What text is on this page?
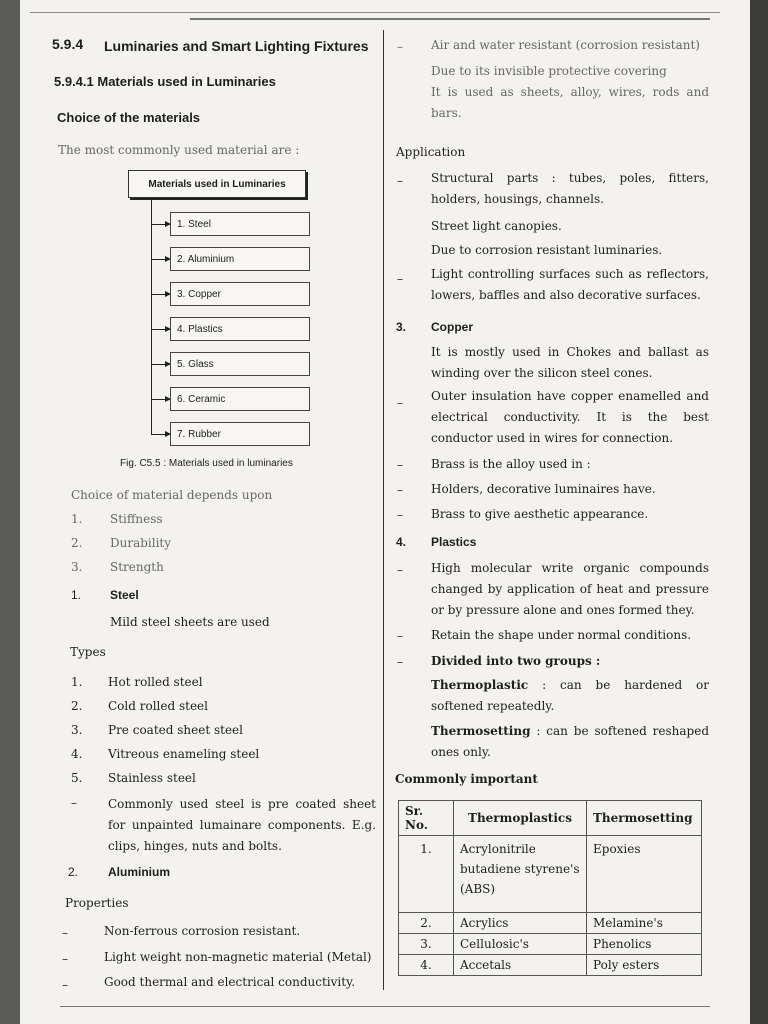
5.9.4 Luminaries and Smart Lighting Fixtures
5.9.4.1 Materials used in Luminaries
Choice of the materials
The most commonly used material are :
Materials used in Luminaries
1. Steel
2. Aluminium
3. Copper
4. Plastics
5. Glass
6. Ceramic
7. Rubber
Fig. C5.5 : Materials used in luminaries
Choice of material depends upon
1. Stiffness
2. Durability
3. Strength
1. Steel
Mild steel sheets are used
Types
1. Hot rolled steel
2. Cold rolled steel
3. Pre coated sheet steel
4. Vitreous enameling steel
5. Stainless steel
–	Commonly used steel is pre coated sheet for unpainted lumainare components. E.g. clips, hinges, nuts and bolts.
2. Aluminium
Properties
–	Non-ferrous corrosion resistant.
–	Light weight non-magnetic material (Metal)
–	Good thermal and electrical conductivity.
– Air and water resistant (corrosion resistant)
Due to its invisible protective covering
It is used as sheets, alloy, wires, rods and bars.
Application
– Structural parts : tubes, poles, fitters, holders, housings, channels.
Street light canopies.
Due to corrosion resistant luminaries.
– Light controlling surfaces such as reflectors, lowers, baffles and also decorative surfaces.
3. Copper
It is mostly used in Chokes and ballast as winding over the silicon steel cones.
– Outer insulation have copper enamelled and electrical conductivity. It is the best conductor used in wires for connection.
– Brass is the alloy used in :
– Holders, decorative luminaires have.
– Brass to give aesthetic appearance.
4. Plastics
– High molecular write organic compounds changed by application of heat and pressure or by pressure alone and ones formed they.
– Retain the shape under normal conditions.
– Divided into two groups :
Thermoplastic : can be hardened or softened repeatedly.
Thermosetting : can be softened reshaped ones only.
Commonly important
Sr. No.	Thermoplastics	Thermosetting
1.	Acrylonitrile butadiene styrene's (ABS)	Epoxies
2.	Acrylics	Melamine's
3.	Cellulosic's	Phenolics
4.	Accetals	Poly esters
